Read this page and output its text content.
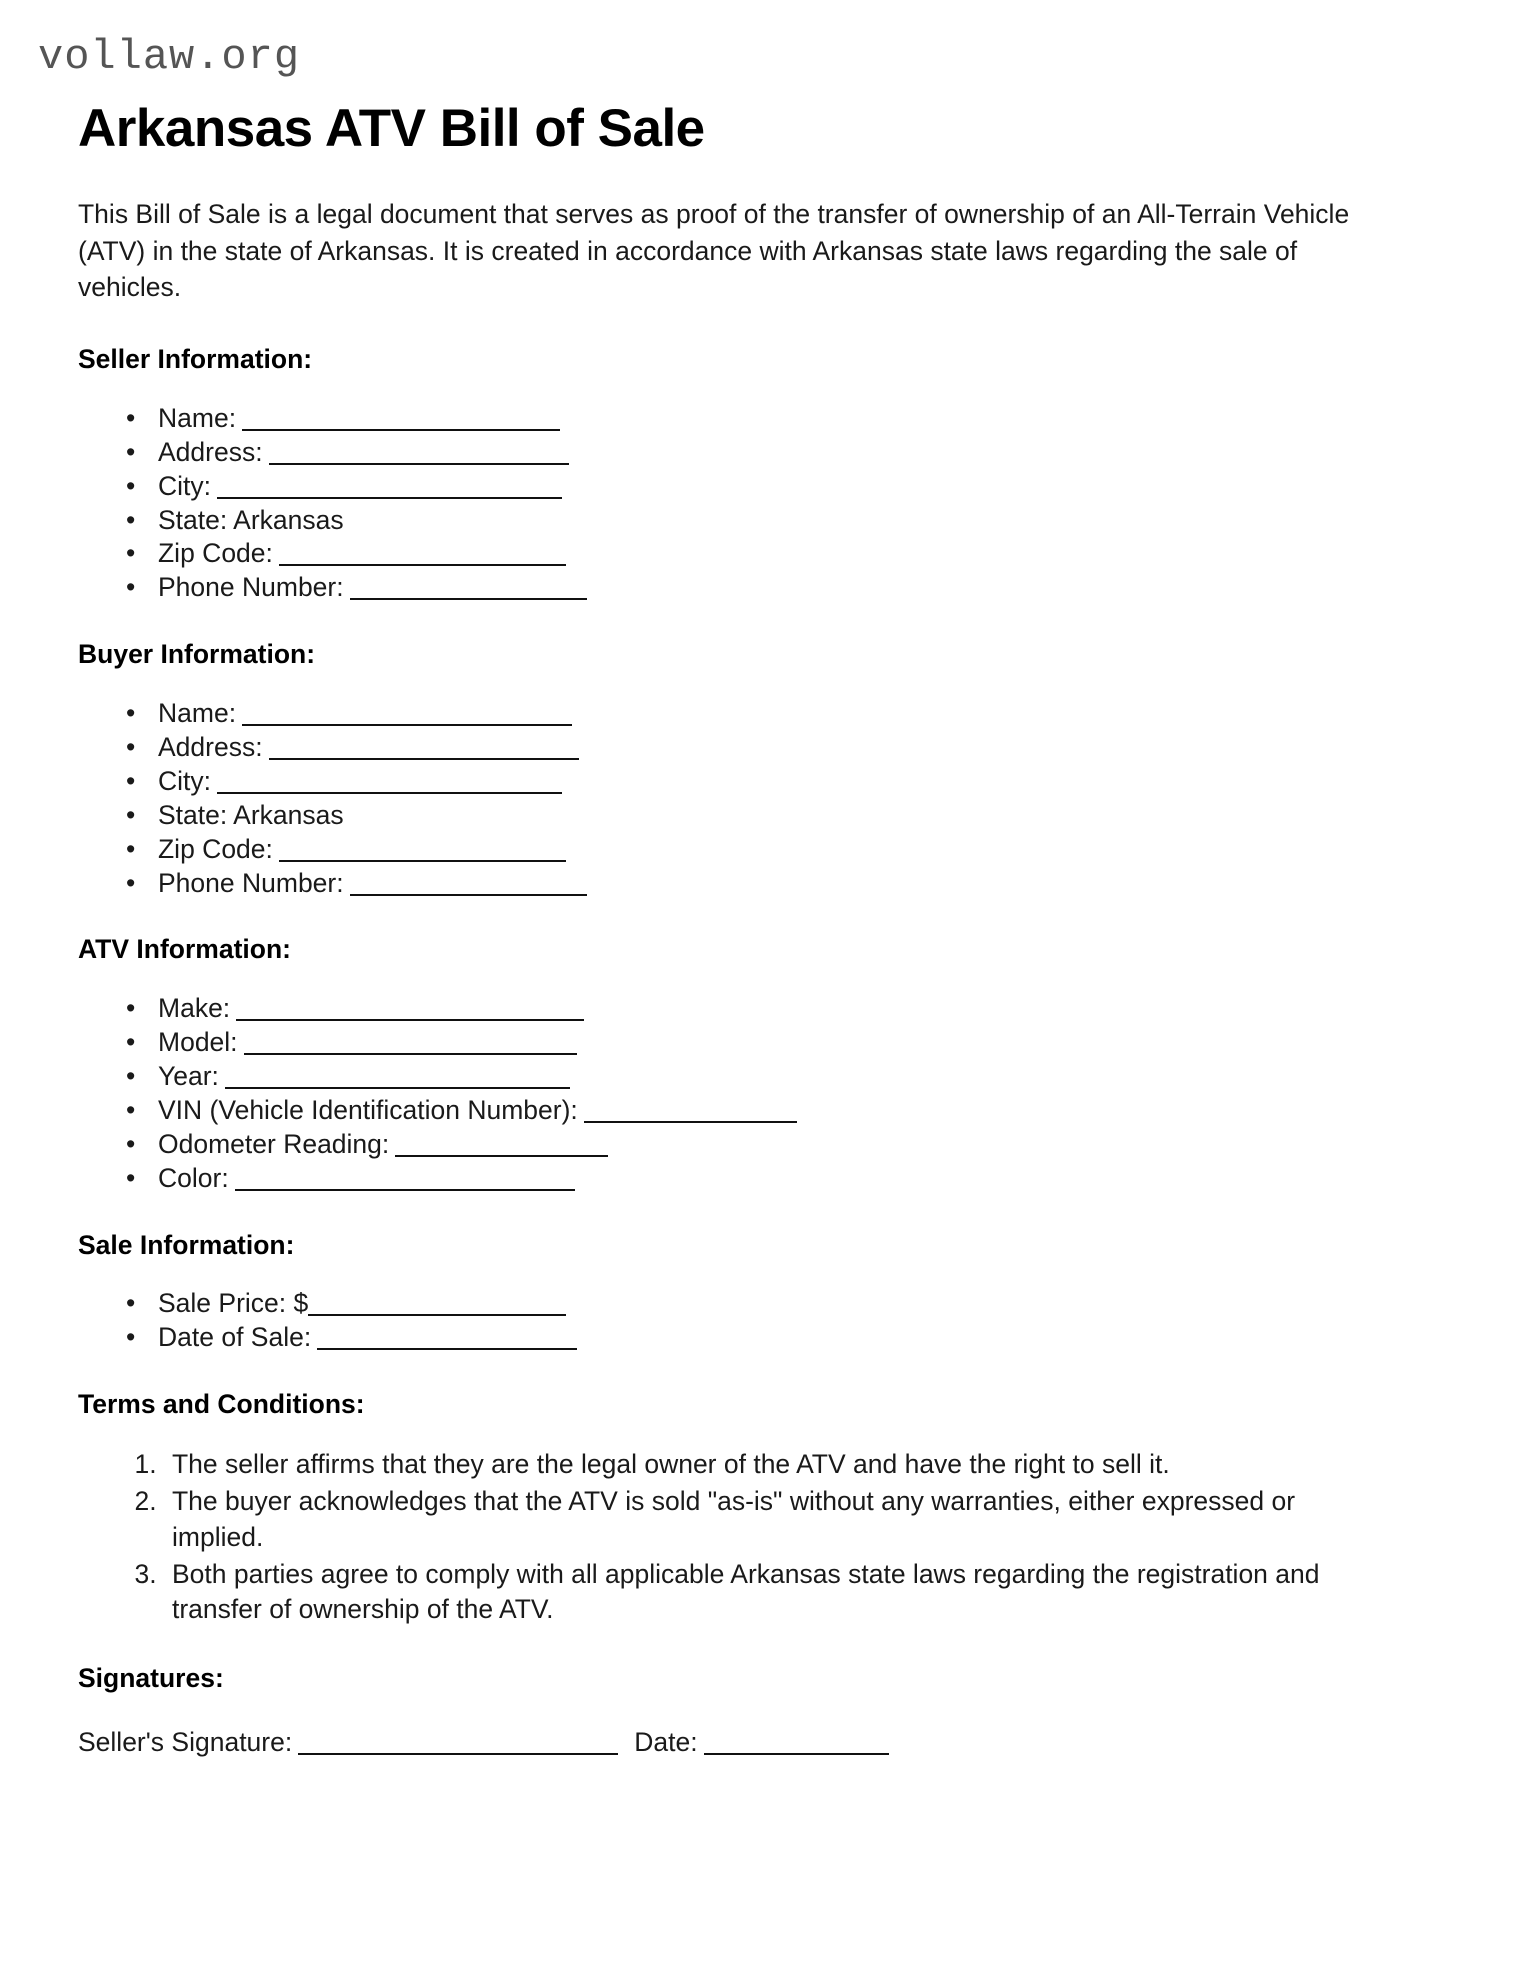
vollaw.org
Arkansas ATV Bill of Sale

This Bill of Sale is a legal document that serves as proof of the transfer of ownership of an All-Terrain Vehicle (ATV) in the state of Arkansas. It is created in accordance with Arkansas state laws regarding the sale of vehicles.

Seller Information:
• Name:
• Address:
• City:
• State: Arkansas
• Zip Code:
• Phone Number:
Buyer Information:
• Name:
• Address:
• City:
• State: Arkansas
• Zip Code:
• Phone Number:
ATV Information:
• Make:
• Model:
• Year:
• VIN (Vehicle Identification Number):
• Odometer Reading:
• Color:
Sale Information:
• Sale Price: $
• Date of Sale:
Terms and Conditions:
1. The seller affirms that they are the legal owner of the ATV and have the right to sell it.
2. The buyer acknowledges that the ATV is sold "as-is" without any warranties, either expressed or implied.
3. Both parties agree to comply with all applicable Arkansas state laws regarding the registration and transfer of ownership of the ATV.
Signatures:
Seller's Signature:	Date:
